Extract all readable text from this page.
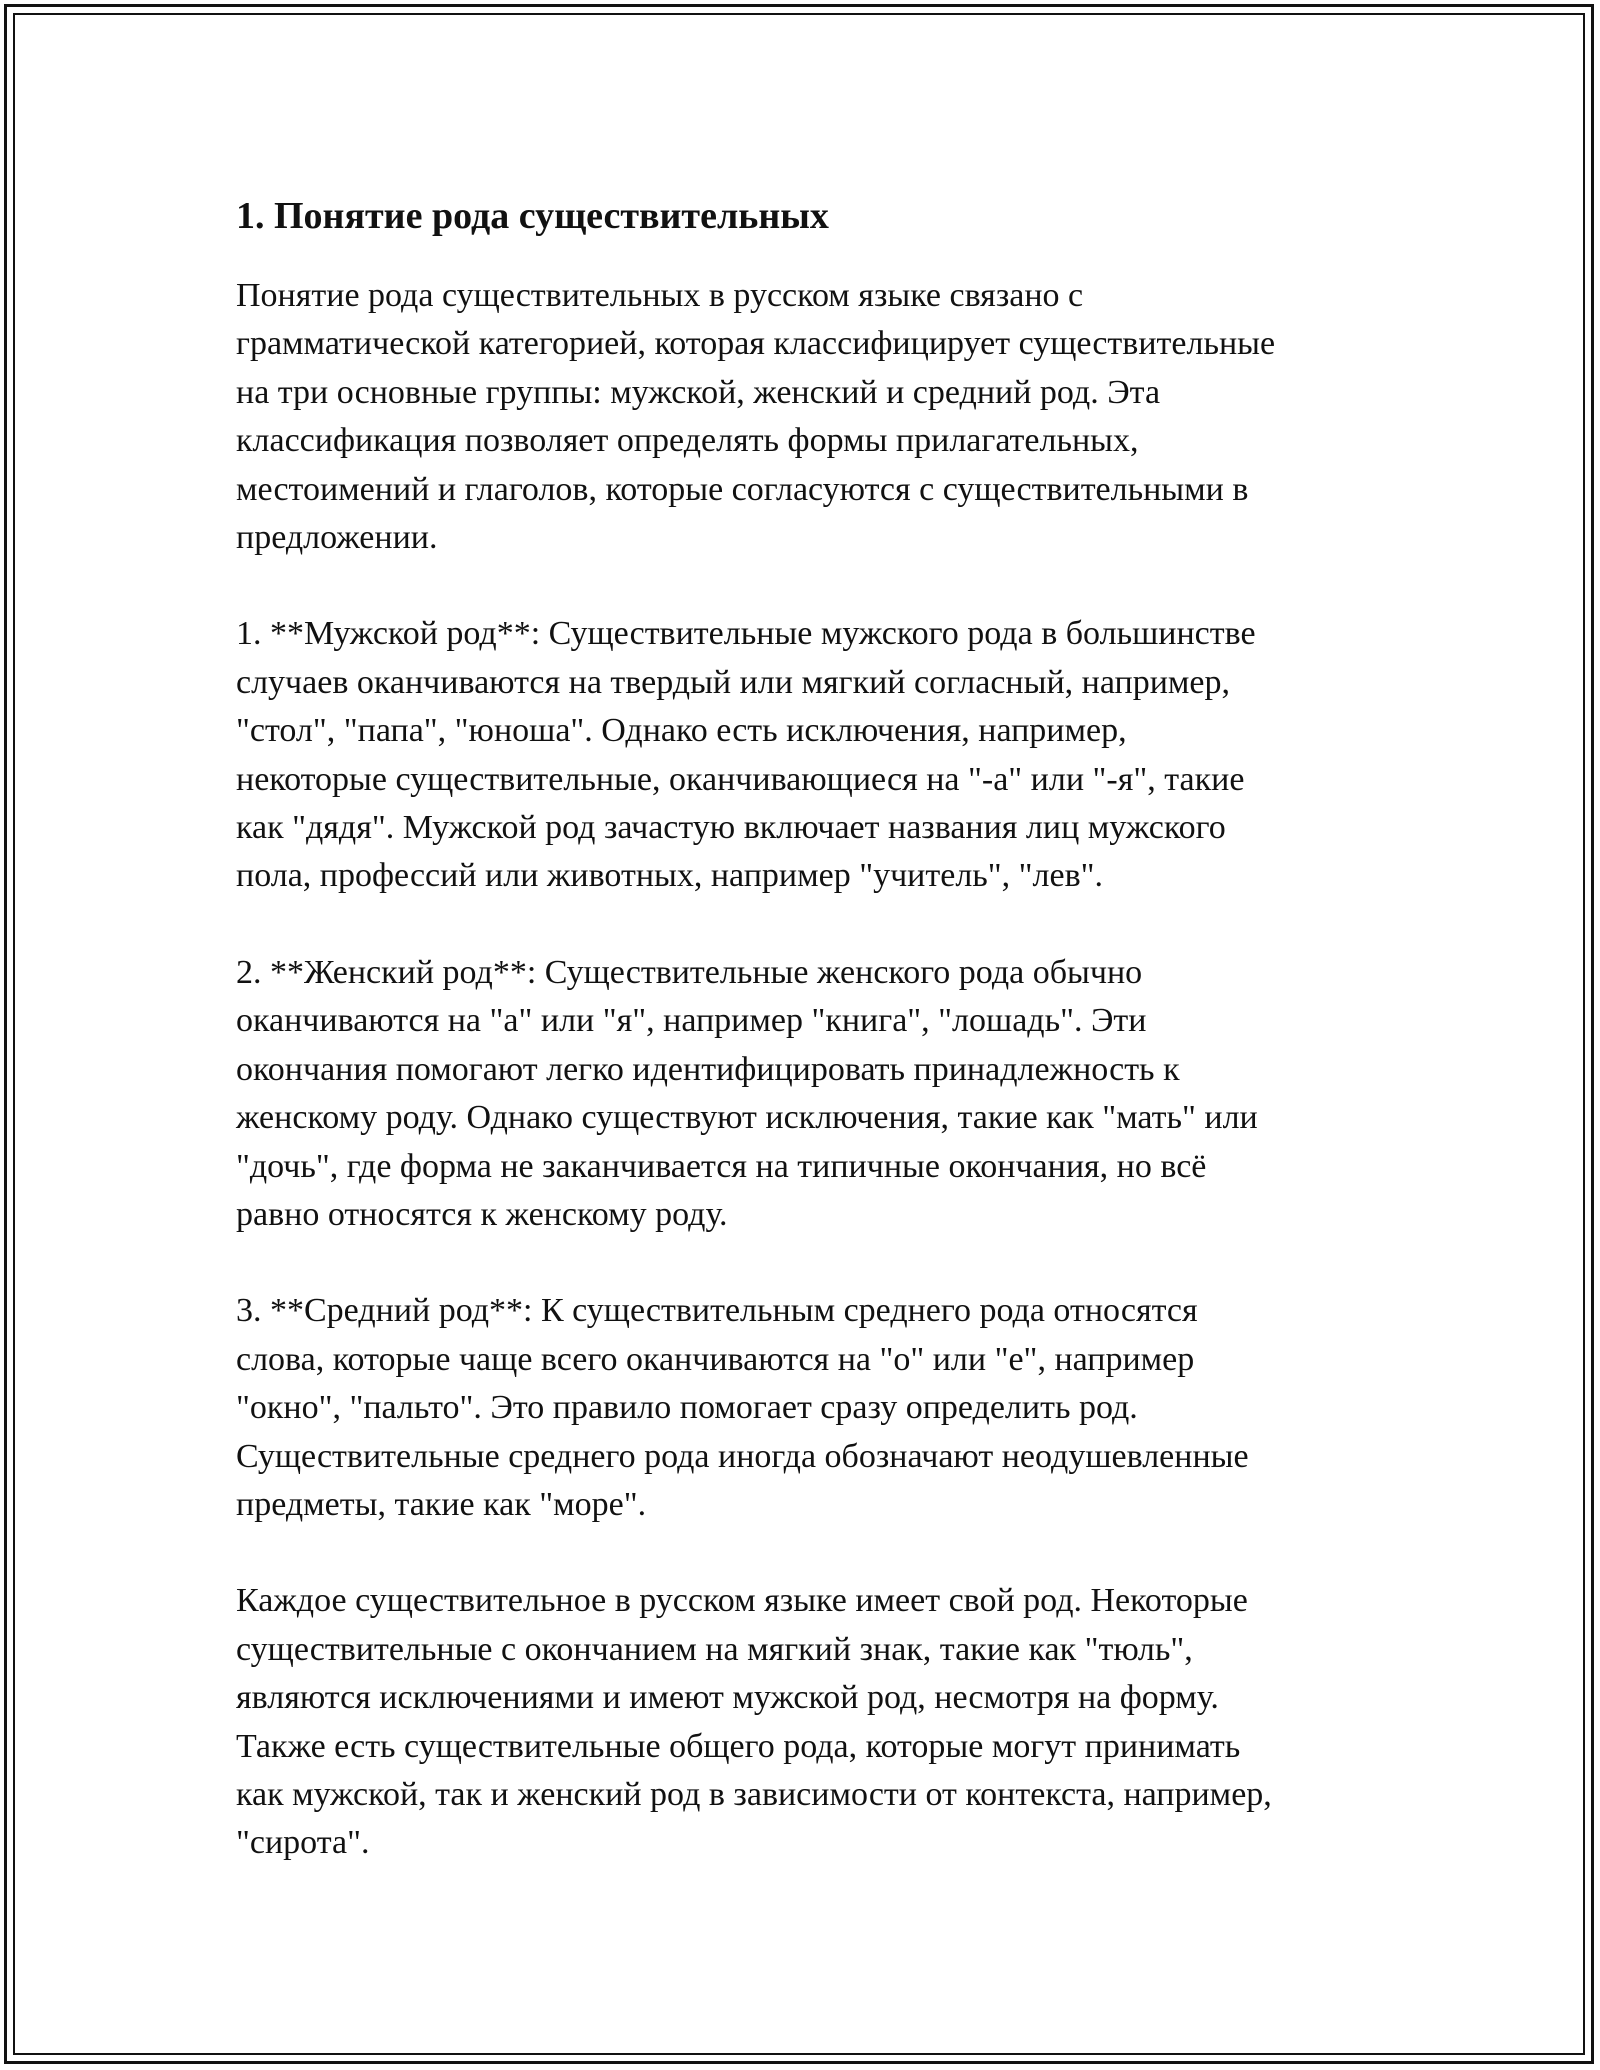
1. Понятие рода существительных

Понятие рода существительных в русском языке связано с
грамматической категорией, которая классифицирует существительные
на три основные группы: мужской, женский и средний род. Эта
классификация позволяет определять формы прилагательных,
местоимений и глаголов, которые согласуются с существительными в
предложении.

1. **Мужской род**: Существительные мужского рода в большинстве
случаев оканчиваются на твердый или мягкий согласный, например,
"стол", "папа", "юноша". Однако есть исключения, например,
некоторые существительные, оканчивающиеся на "-а" или "-я", такие
как "дядя". Мужской род зачастую включает названия лиц мужского
пола, профессий или животных, например "учитель", "лев".

2. **Женский род**: Существительные женского рода обычно
оканчиваются на "а" или "я", например "книга", "лошадь". Эти
окончания помогают легко идентифицировать принадлежность к
женскому роду. Однако существуют исключения, такие как "мать" или
"дочь", где форма не заканчивается на типичные окончания, но всё
равно относятся к женскому роду.

3. **Средний род**: К существительным среднего рода относятся
слова, которые чаще всего оканчиваются на "о" или "е", например
"окно", "пальто". Это правило помогает сразу определить род.
Существительные среднего рода иногда обозначают неодушевленные
предметы, такие как "море".

Каждое существительное в русском языке имеет свой род. Некоторые
существительные с окончанием на мягкий знак, такие как "тюль",
являются исключениями и имеют мужской род, несмотря на форму.
Также есть существительные общего рода, которые могут принимать
как мужской, так и женский род в зависимости от контекста, например,
"сирота".
